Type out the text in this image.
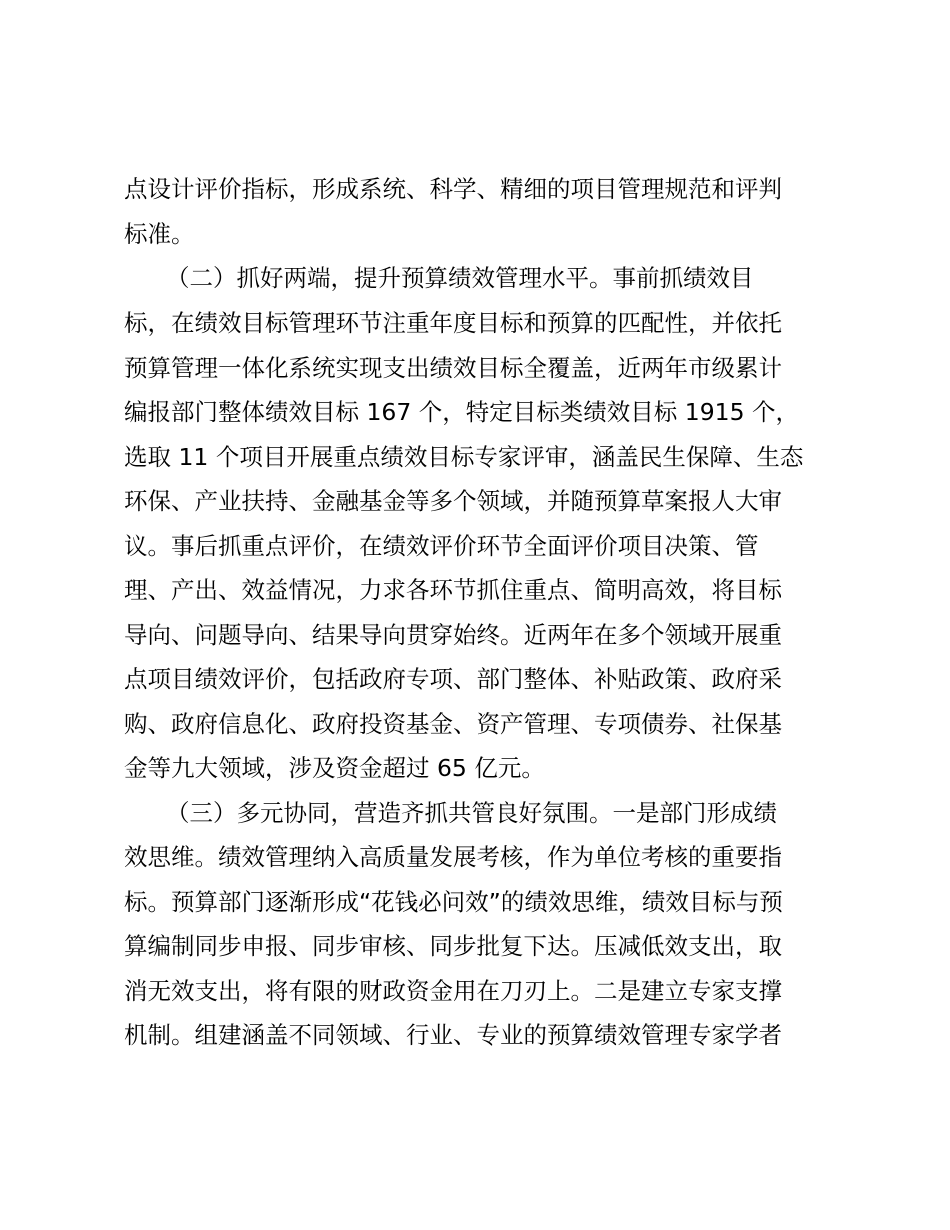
点设计评价指标，形成系统、科学、精细的项目管理规范和评判
标准。
（二）抓好两端，提升预算绩效管理水平。事前抓绩效目
标，在绩效目标管理环节注重年度目标和预算的匹配性，并依托
预算管理一体化系统实现支出绩效目标全覆盖，近两年市级累计
编报部门整体绩效目标 167 个，特定目标类绩效目标 1915 个，
选取 11 个项目开展重点绩效目标专家评审，涵盖民生保障、生态
环保、产业扶持、金融基金等多个领域，并随预算草案报人大审
议。事后抓重点评价，在绩效评价环节全面评价项目决策、管
理、产出、效益情况，力求各环节抓住重点、简明高效，将目标
导向、问题导向、结果导向贯穿始终。近两年在多个领域开展重
点项目绩效评价，包括政府专项、部门整体、补贴政策、政府采
购、政府信息化、政府投资基金、资产管理、专项债券、社保基
金等九大领域，涉及资金超过 65 亿元。
（三）多元协同，营造齐抓共管良好氛围。一是部门形成绩
效思维。绩效管理纳入高质量发展考核，作为单位考核的重要指
标。预算部门逐渐形成“花钱必问效”的绩效思维，绩效目标与预
算编制同步申报、同步审核、同步批复下达。压减低效支出，取
消无效支出，将有限的财政资金用在刀刃上。二是建立专家支撑
机制。组建涵盖不同领域、行业、专业的预算绩效管理专家学者
